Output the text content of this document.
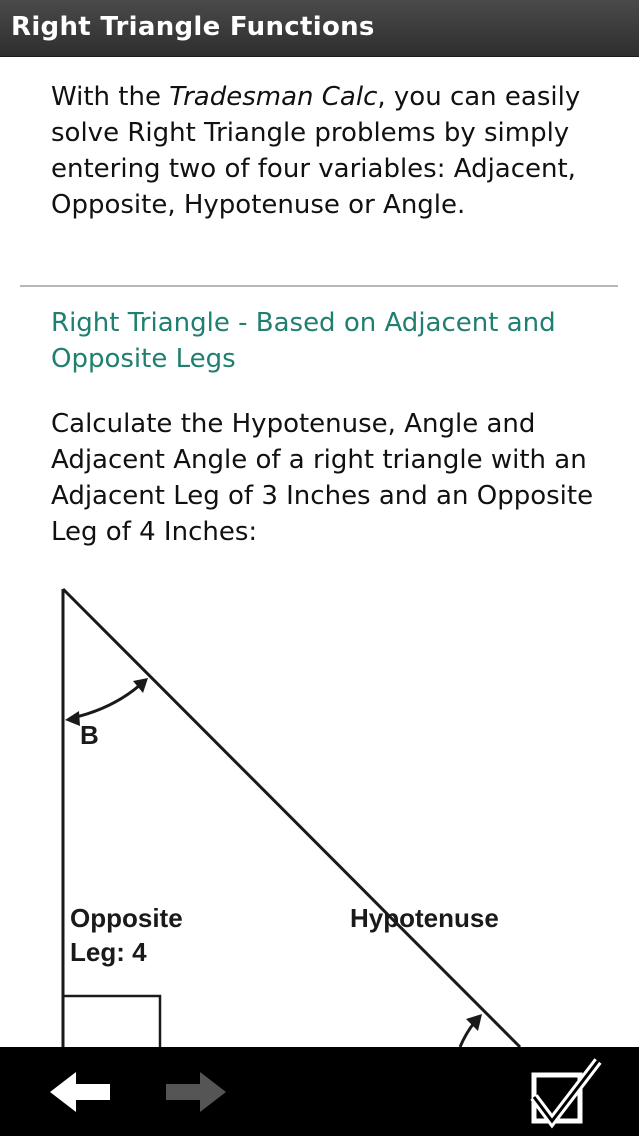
Right Triangle Functions

With the Tradesman Calc, you can easily solve Right Triangle problems by simply entering two of four variables: Adjacent, Opposite, Hypotenuse or Angle.

Right Triangle - Based on Adjacent and Opposite Legs

Calculate the Hypotenuse, Angle and Adjacent Angle of a right triangle with an Adjacent Leg of 3 Inches and an Opposite Leg of 4 Inches:

B
Opposite
Leg: 4
Hypotenuse
